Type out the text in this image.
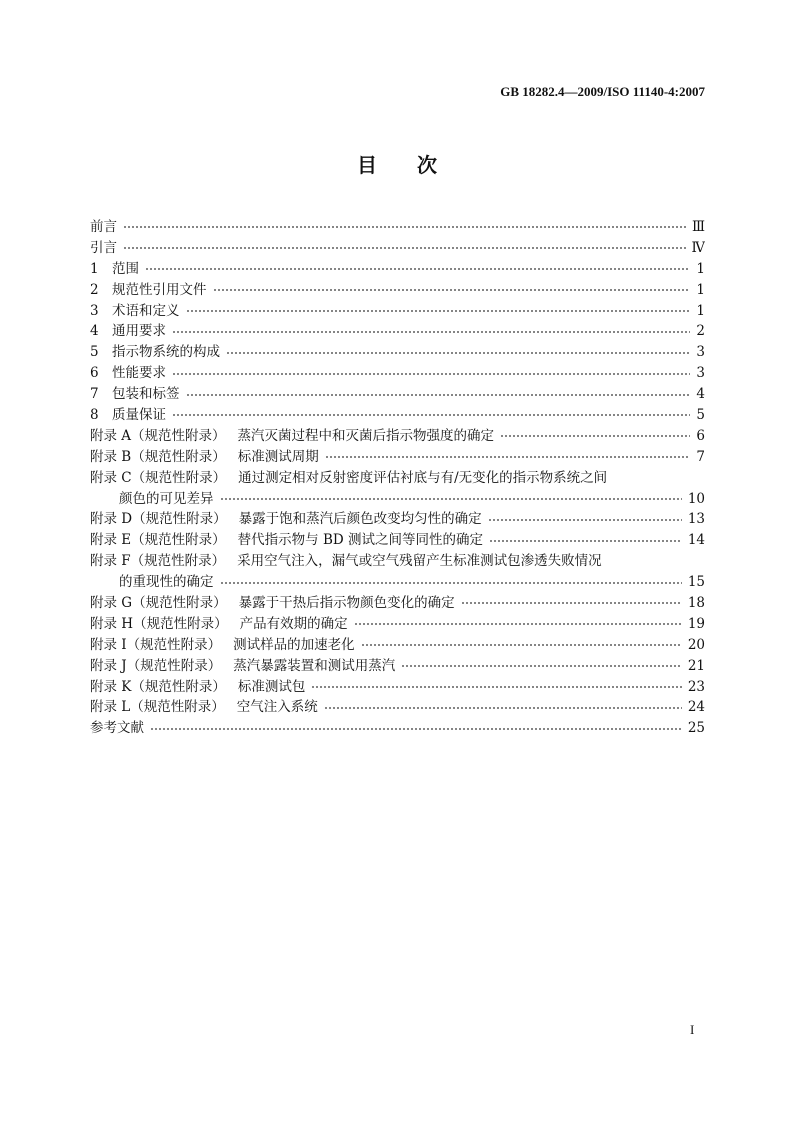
GB 18282.4—2009/ISO 11140-4:2007
目　　次
前言	Ⅲ
引言	Ⅳ
1 范围	1
2 规范性引用文件	1
3 术语和定义	1
4 通用要求	2
5 指示物系统的构成	3
6 性能要求	3
7 包装和标签	4
8 质量保证	5
附录 A（规范性附录） 蒸汽灭菌过程中和灭菌后指示物强度的确定	6
附录 B（规范性附录） 标准测试周期	7
附录 C（规范性附录） 通过测定相对反射密度评估衬底与有/无变化的指示物系统之间
颜色的可见差异	10
附录 D（规范性附录） 暴露于饱和蒸汽后颜色改变均匀性的确定	13
附录 E（规范性附录） 替代指示物与 BD 测试之间等同性的确定	14
附录 F（规范性附录） 采用空气注入，漏气或空气残留产生标准测试包渗透失败情况
的重现性的确定	15
附录 G（规范性附录） 暴露于干热后指示物颜色变化的确定	18
附录 H（规范性附录） 产品有效期的确定	19
附录 I（规范性附录） 测试样品的加速老化	20
附录 J（规范性附录） 蒸汽暴露装置和测试用蒸汽	21
附录 K（规范性附录） 标准测试包	23
附录 L（规范性附录） 空气注入系统	24
参考文献	25
I
